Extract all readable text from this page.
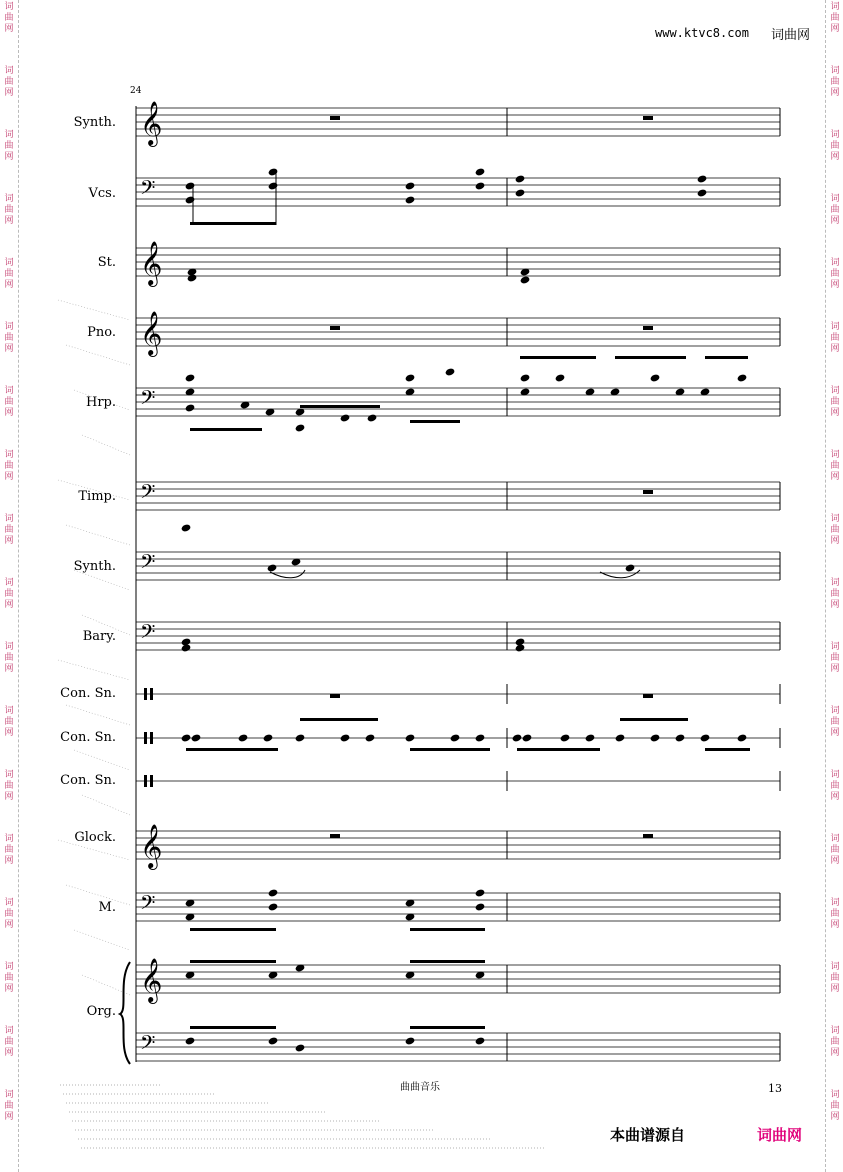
词
曲
网
词
曲
网
词
曲
网
词
曲
网
词
曲
网
词
曲
网
词
曲
网
词
曲
网
词
曲
网
词
曲
网
词
曲
网
词
曲
网
词
曲
网
词
曲
网
词
曲
网
词
曲
网
词
曲
网
词
曲
网
词
曲
网
词
曲
网
词
曲
网
词
曲
网
词
曲
网
词
曲
网
词
曲
网
词
曲
网
词
曲
网
词
曲
网
词
曲
网
词
曲
网
词
曲
网
词
曲
网
词
曲
网
词
曲
网
词
曲
网
词
曲
网
www.ktvc8.com 词曲网
𝄞
𝄢
𝄞
𝄞
𝄢
𝄢
𝄢
𝄢
𝄞
𝄢
𝄞
𝄢
24
Synth.
Vcs.
St.
Pno.
Hrp.
Timp.
Synth.
Bary.
Con. Sn.
Con. Sn.
Con. Sn.
Glock.
M.
Org.
曲曲音乐	13
本曲谱源自	词曲网
